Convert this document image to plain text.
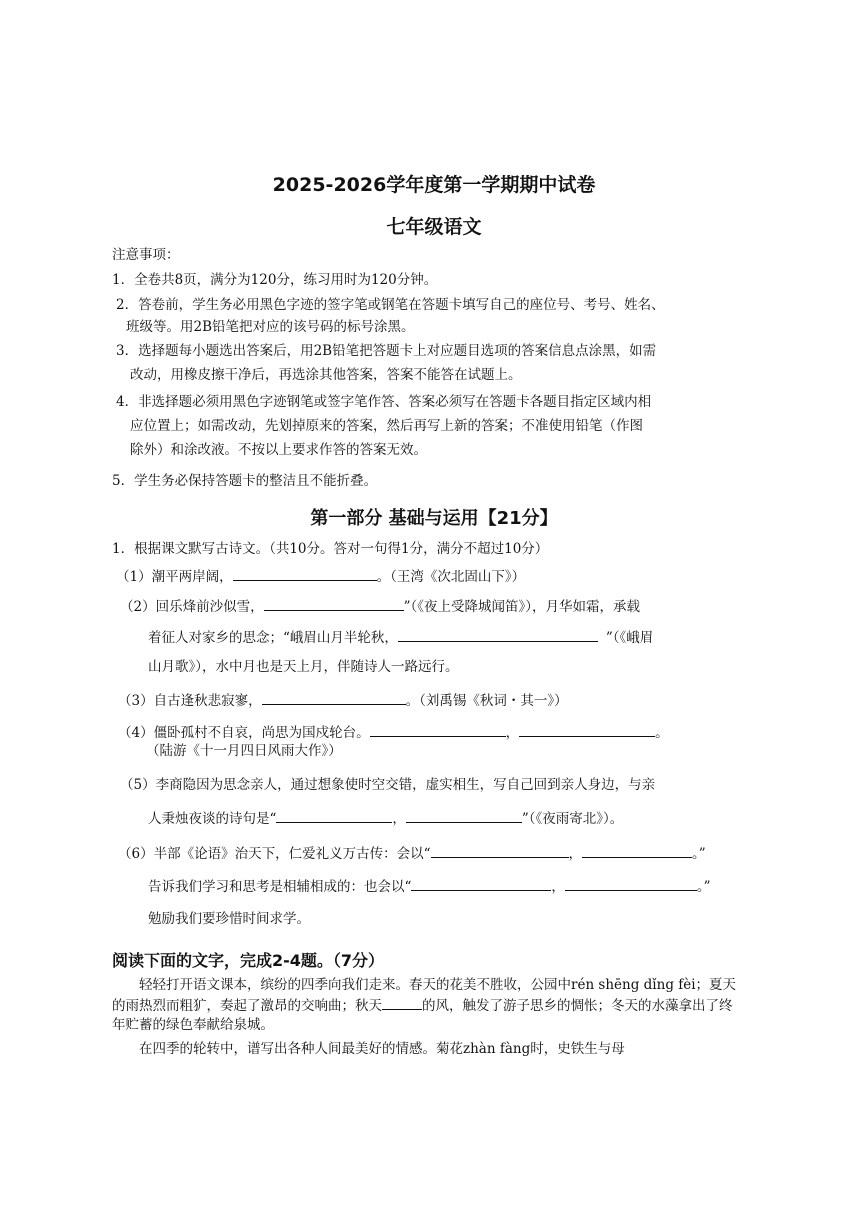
2025-2026学年度第一学期期中试卷
七年级语文
注意事项：
1．全卷共8页，满分为120分，练习用时为120分钟。
2．答卷前，学生务必用黑色字迹的签字笔或钢笔在答题卡填写自己的座位号、考号、姓名、
班级等。用2B铅笔把对应的该号码的标号涂黑。
3．选择题每小题选出答案后，用2B铅笔把答题卡上对应题目选项的答案信息点涂黑，如需
改动，用橡皮擦干净后，再选涂其他答案，答案不能答在试题上。
4．非选择题必须用黑色字迹钢笔或签字笔作答、答案必须写在答题卡各题目指定区域内相
应位置上；如需改动，先划掉原来的答案，然后再写上新的答案；不准使用铅笔（作图
除外）和涂改液。不按以上要求作答的答案无效。
5．学生务必保持答题卡的整洁且不能折叠。
第一部分 基础与运用【21分】
1．根据课文默写古诗文。（共10分。答对一句得1分，满分不超过10分）
（1）潮平两岸阔，	。（王湾《次北固山下》）
（2）回乐烽前沙似雪，	”（《夜上受降城闻笛》），月华如霜，承载
着征人对家乡的思念；“峨眉山月半轮秋，	”（《峨眉
山月歌》），水中月也是天上月，伴随诗人一路远行。
（3）自古逢秋悲寂寥，	。（刘禹锡《秋词・其一》）
（4）僵卧孤村不自哀，尚思为国戍轮台。	，	。
（陆游《十一月四日风雨大作》）
（5）李商隐因为思念亲人，通过想象使时空交错，虚实相生，写自己回到亲人身边，与亲
人秉烛夜谈的诗句是“	，	”（《夜雨寄北》）。
（6）半部《论语》治天下，仁爱礼义万古传：会以“	，	。”
告诉我们学习和思考是相辅相成的：也会以“	，	。”
勉励我们要珍惜时间求学。
阅读下面的文字，完成2-4题。（7分）
轻轻打开语文课本，缤纷的四季向我们走来。春天的花美不胜收，公园中rén shēng dǐng fèi；夏天的雨热烈而粗犷，奏起了激昂的交响曲；秋天	的风，触发了游子思乡的惆怅；冬天的水藻拿出了终年贮蓄的绿色奉献给泉城。
在四季的轮转中，谱写出各种人间最美好的情感。菊花zhàn fàng时，史铁生与母
